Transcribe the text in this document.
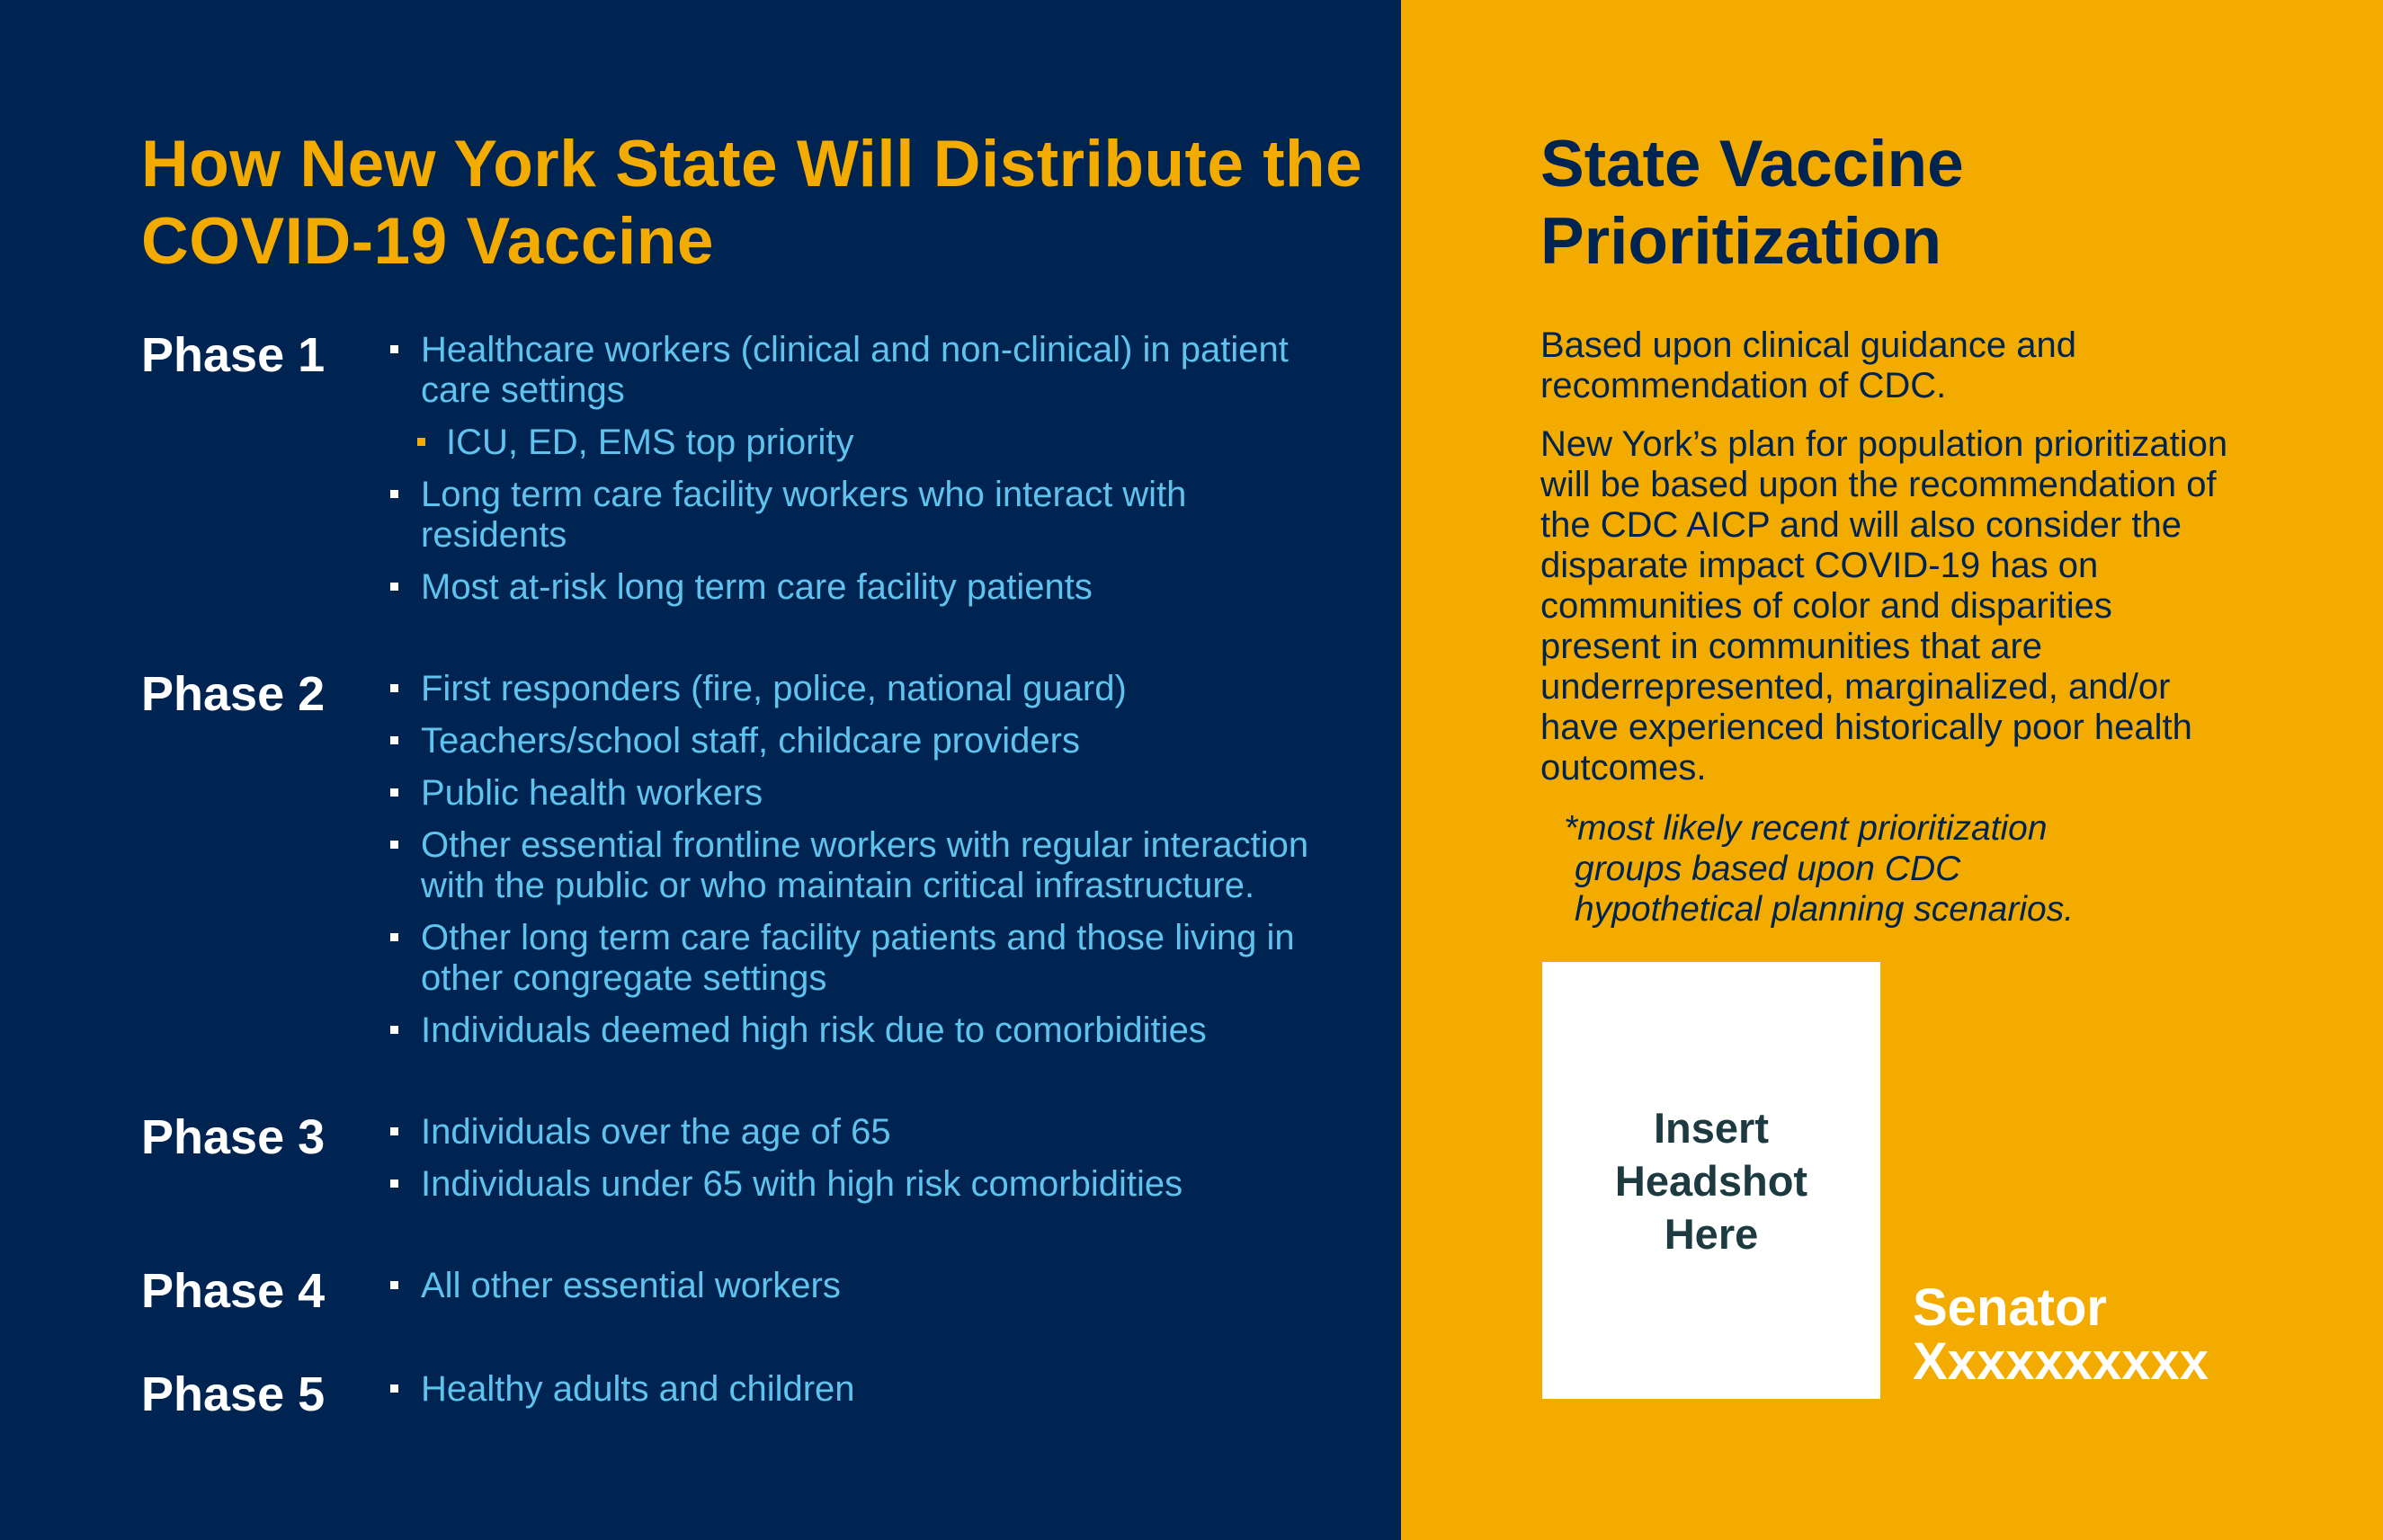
How New York State Will Distribute the COVID-19 Vaccine
Phase 1	Healthcare workers (clinical and non-clinical) in patient care settings
ICU, ED, EMS top priority
Long term care facility workers who interact with residents
Most at-risk long term care facility patients
Phase 2	First responders (fire, police, national guard)
Teachers/school staff, childcare providers
Public health workers
Other essential frontline workers with regular interaction with the public or who maintain critical infrastructure.
Other long term care facility patients and those living in other congregate settings
Individuals deemed high risk due to comorbidities
Phase 3	Individuals over the age of 65
Individuals under 65 with high risk comorbidities
Phase 4	All other essential workers
Phase 5	Healthy adults and children
State Vaccine Prioritization

Based upon clinical guidance and recommendation of CDC.

New York’s plan for population prioritization will be based upon the recommendation of the CDC AICP and will also consider the disparate impact COVID-19 has on communities of color and disparities present in communities that are underrepresented, marginalized, and/or have experienced historically poor health outcomes.

*most likely recent prioritization groups based upon CDC hypothetical planning scenarios.

Insert Headshot Here
Senator
Xxxxxxxxxx
